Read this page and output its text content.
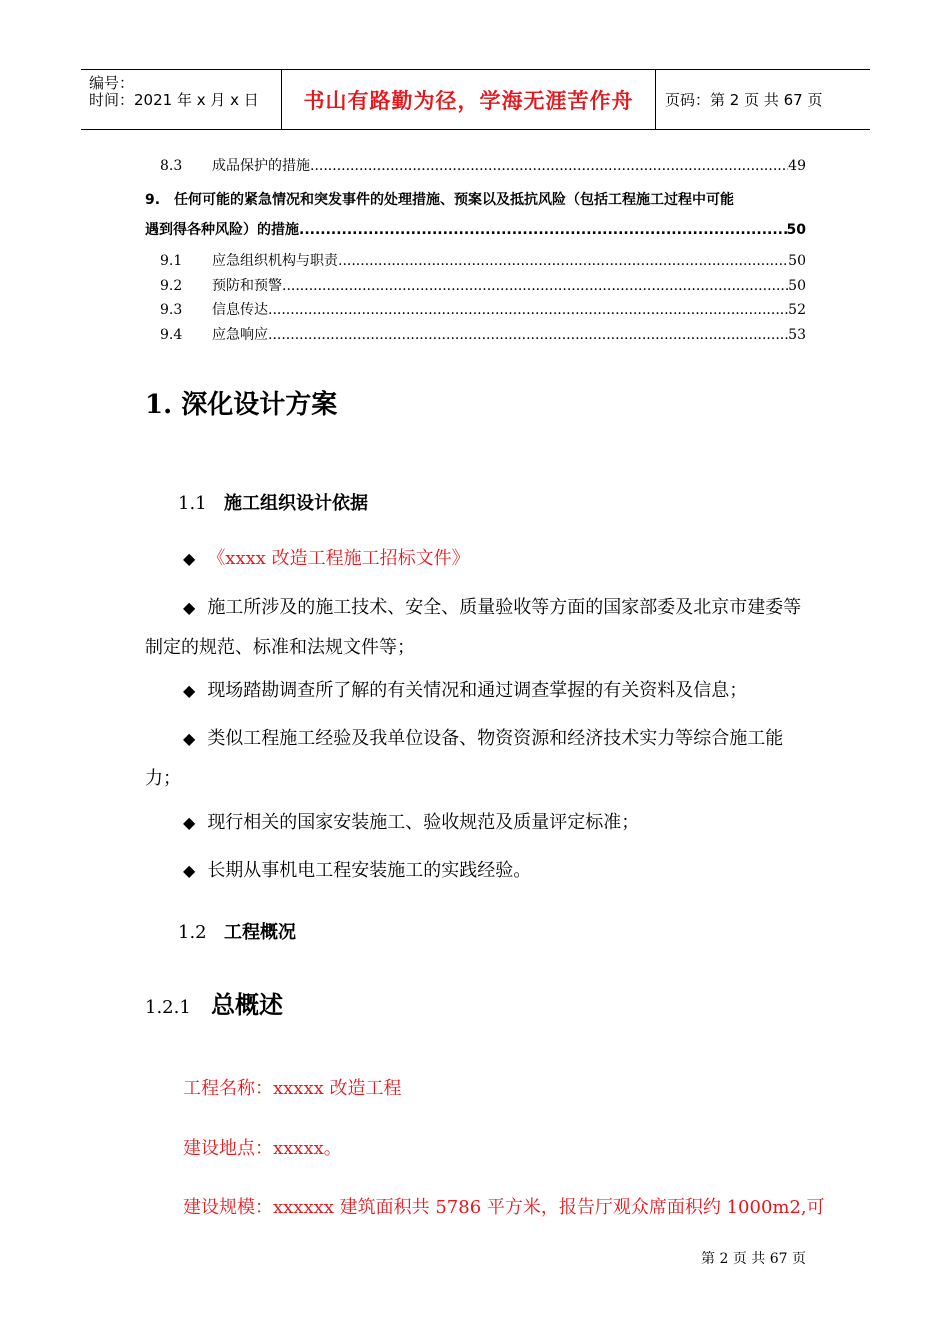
编号：
时间：2021 年 x 月 x 日	书山有路勤为径，学海无涯苦作舟	页码：第 2 页 共 67 页
8.3	成品保护的措施 .....	49
9.　任何可能的紧急情况和突发事件的处理措施、预案以及抵抗风险（包括工程施工过程中可能
遇到得各种风险）的措施 .....	50
9.1	应急组织机构与职责 .....	50
9.2	预防和预警 .....	50
9.3	信息传达 .....	52
9.4	应急响应 .....	53
1. 深化设计方案
1.1 施工组织设计依据
◆ 《xxxx 改造工程施工招标文件》
◆ 施工所涉及的施工技术、安全、质量验收等方面的国家部委及北京市建委等制定的规范、标准和法规文件等；
◆ 现场踏勘调查所了解的有关情况和通过调查掌握的有关资料及信息；
◆ 类似工程施工经验及我单位设备、物资资源和经济技术实力等综合施工能力；
◆ 现行相关的国家安装施工、验收规范及质量评定标准；
◆ 长期从事机电工程安装施工的实践经验。
1.2 工程概况
1.2.1 总概述
工程名称：xxxxx 改造工程
建设地点：xxxxx。
建设规模：xxxxxx 建筑面积共 5786 平方米，报告厅观众席面积约 1000m2,可
第 2 页 共 67 页
